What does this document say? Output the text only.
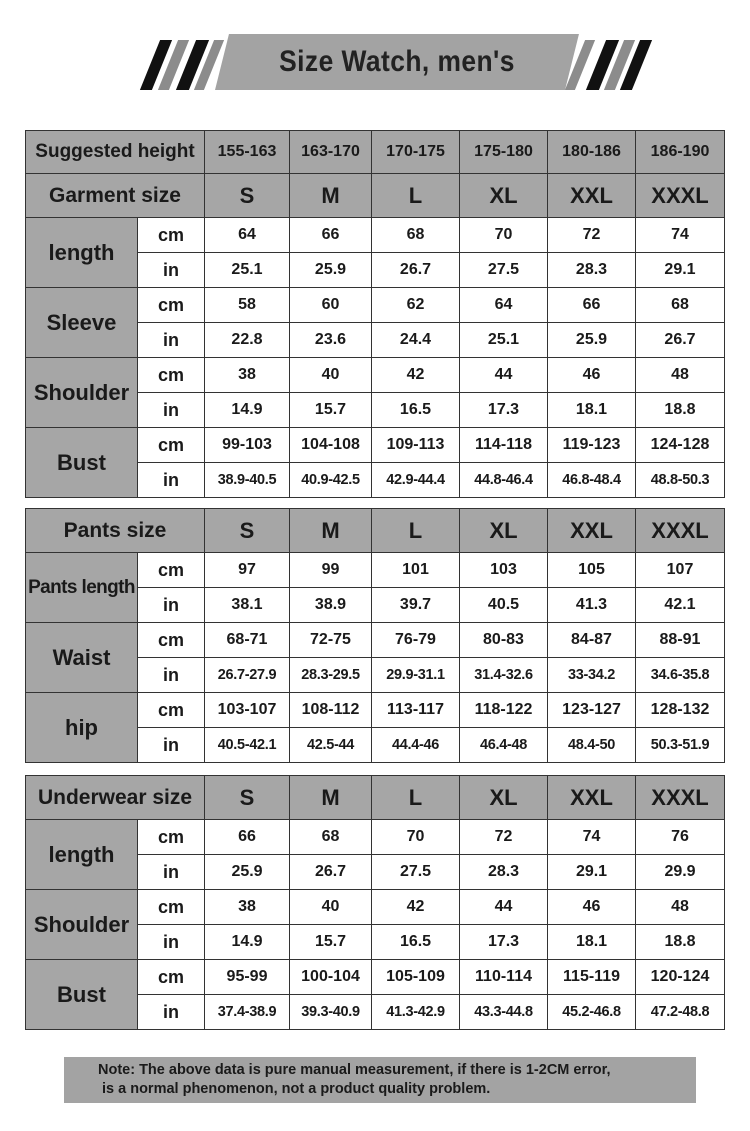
Size Watch, men's
Suggested height		155-163	163-170	170-175	175-180	180-186	186-190
Garment size		S	M	L	XL	XXL	XXXL
length	cm	64	66	68	70	72	74
	in	25.1	25.9	26.7	27.5	28.3	29.1
Sleeve	cm	58	60	62	64	66	68
	in	22.8	23.6	24.4	25.1	25.9	26.7
Shoulder	cm	38	40	42	44	46	48
	in	14.9	15.7	16.5	17.3	18.1	18.8
Bust	cm	99-103	104-108	109-113	114-118	119-123	124-128
	in	38.9-40.5	40.9-42.5	42.9-44.4	44.8-46.4	46.8-48.4	48.8-50.3
Pants size		S	M	L	XL	XXL	XXXL
Pants length	cm	97	99	101	103	105	107
	in	38.1	38.9	39.7	40.5	41.3	42.1
Waist	cm	68-71	72-75	76-79	80-83	84-87	88-91
	in	26.7-27.9	28.3-29.5	29.9-31.1	31.4-32.6	33-34.2	34.6-35.8
hip	cm	103-107	108-112	113-117	118-122	123-127	128-132
	in	40.5-42.1	42.5-44	44.4-46	46.4-48	48.4-50	50.3-51.9
Underwear size		S	M	L	XL	XXL	XXXL
length	cm	66	68	70	72	74	76
	in	25.9	26.7	27.5	28.3	29.1	29.9
Shoulder	cm	38	40	42	44	46	48
	in	14.9	15.7	16.5	17.3	18.1	18.8
Bust	cm	95-99	100-104	105-109	110-114	115-119	120-124
	in	37.4-38.9	39.3-40.9	41.3-42.9	43.3-44.8	45.2-46.8	47.2-48.8
Note: The above data is pure manual measurement, if there is 1-2CM error,
is a normal phenomenon, not a product quality problem.
